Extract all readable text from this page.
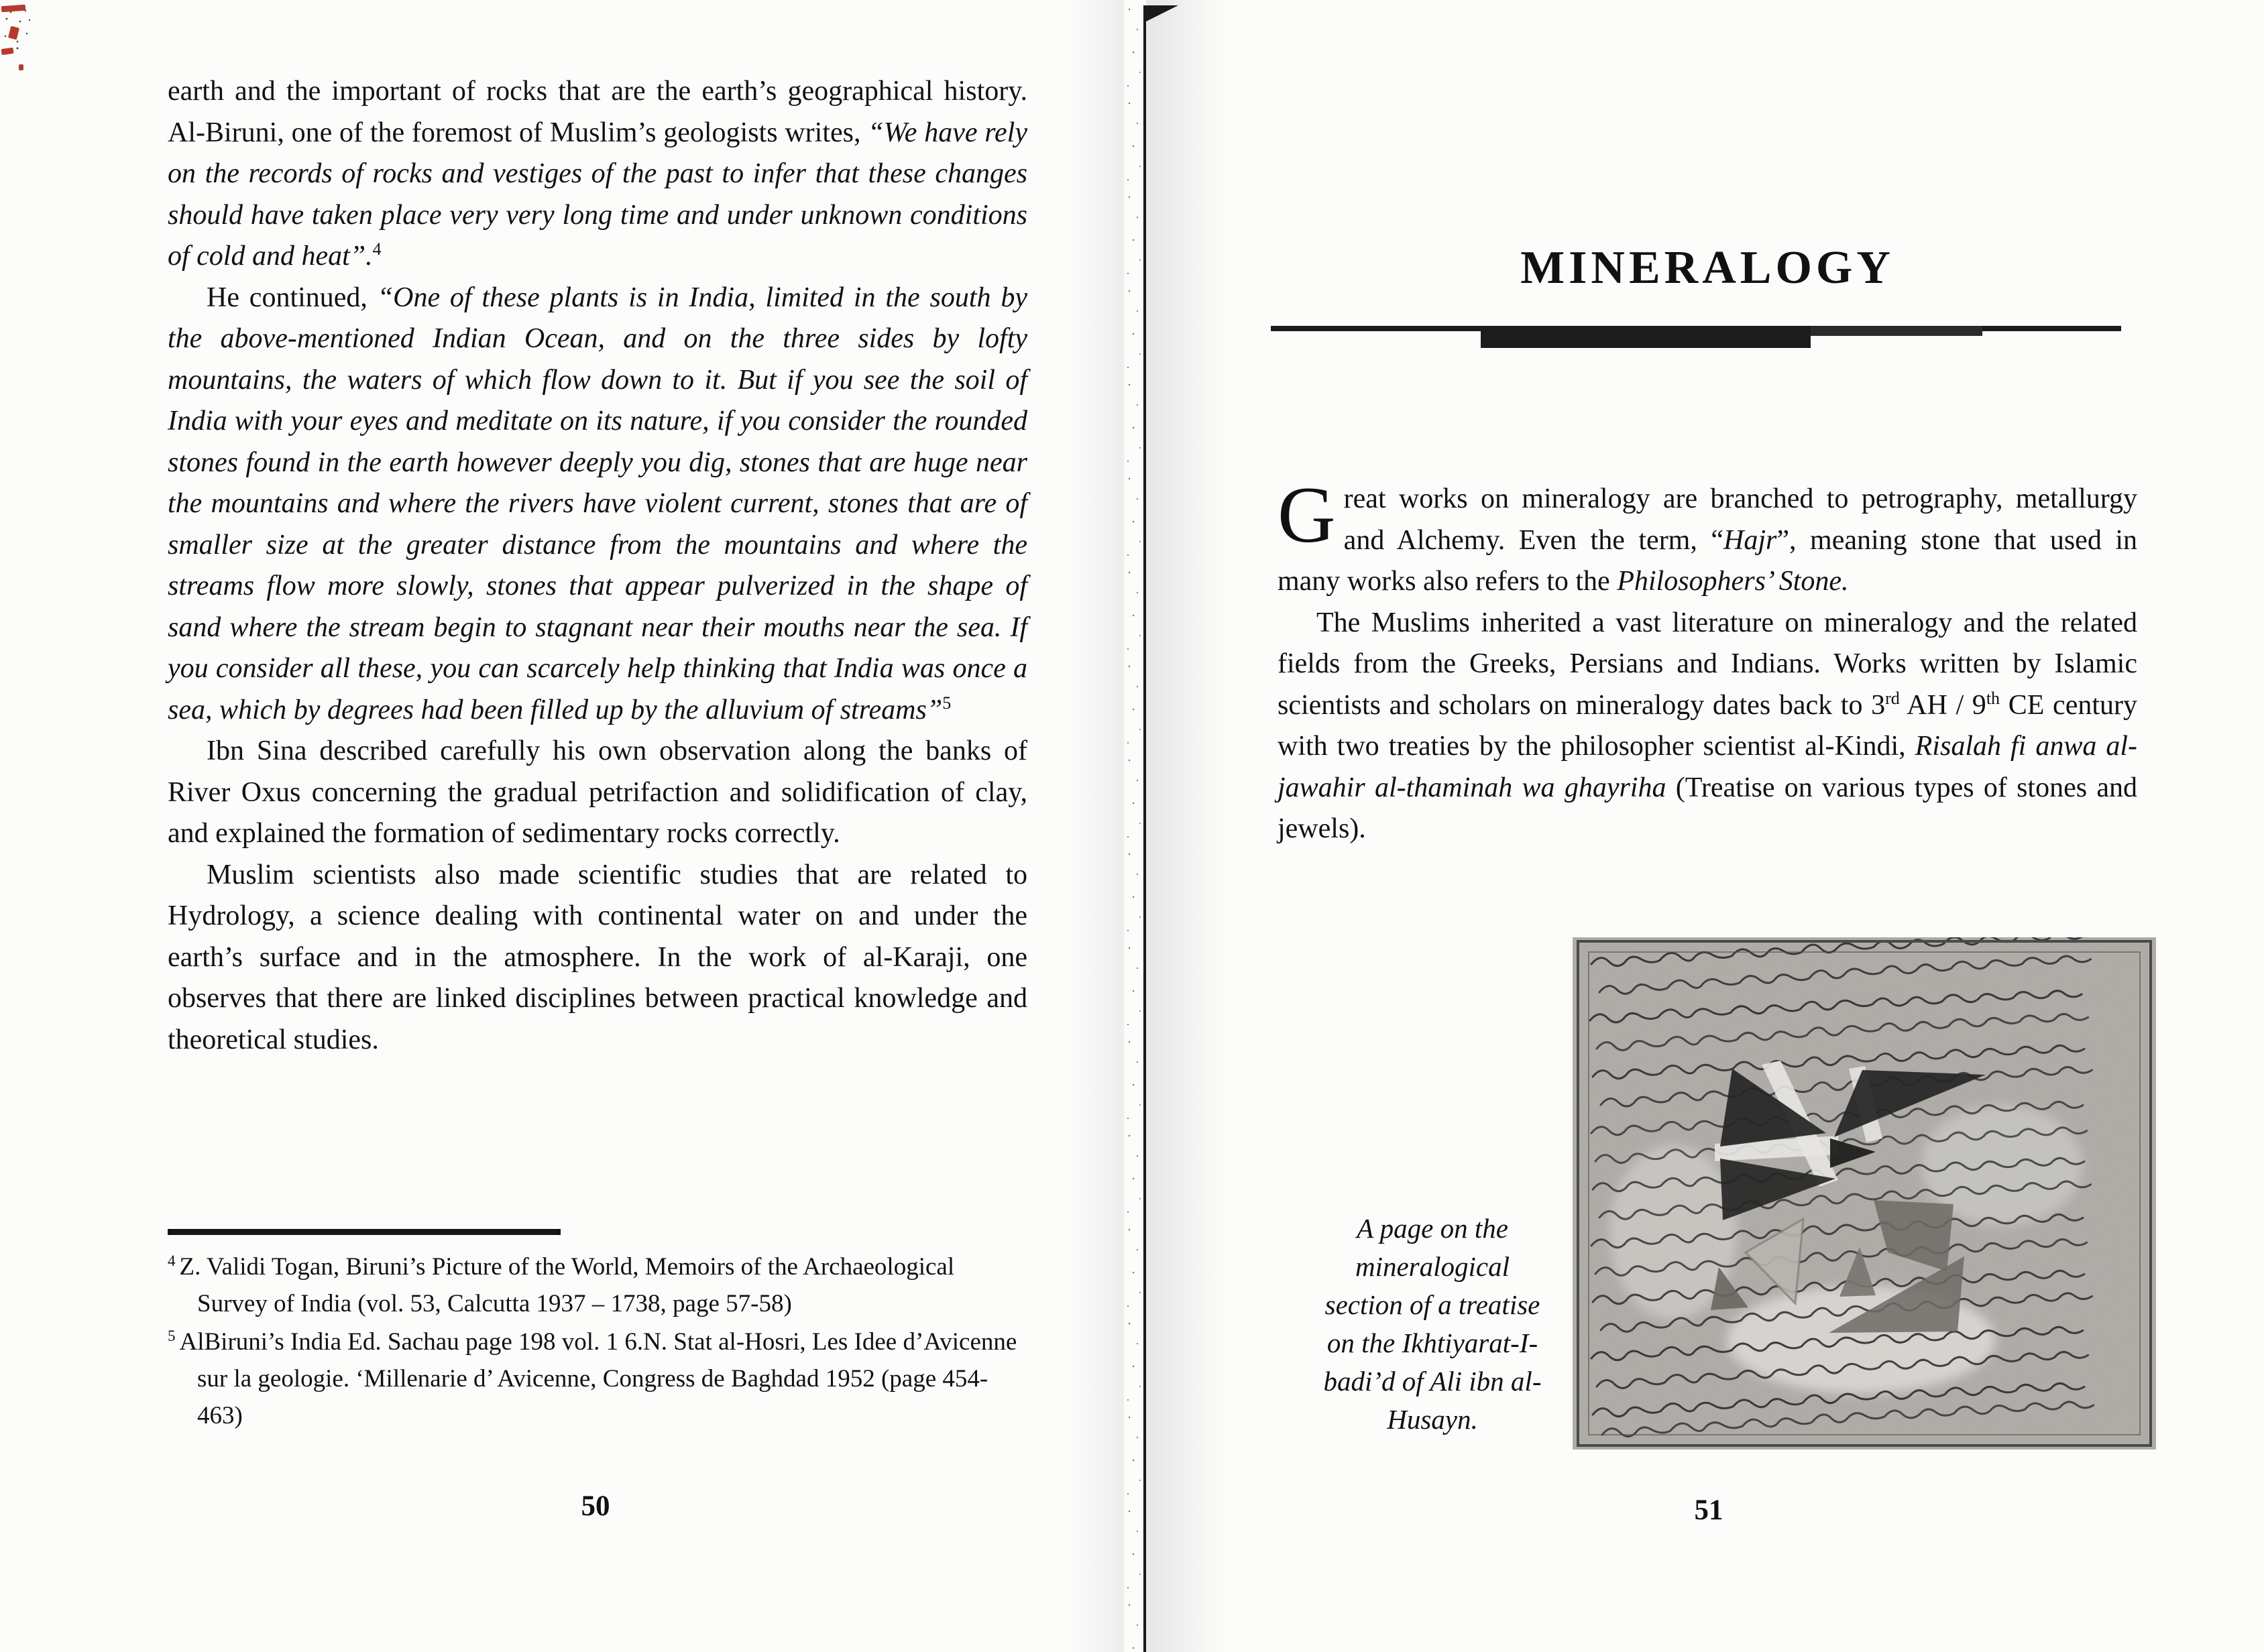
earth and the important of rocks that are the earth’s geographical history. Al-Biruni, one of the foremost of Muslim’s geologists writes, “We have rely on the records of rocks and vestiges of the past to infer that these changes should have taken place very very long time and under unknown conditions of cold and heat”.$^4$

He continued, “One of these plants is in India, limited in the south by the above-mentioned Indian Ocean, and on the three sides by lofty mountains, the waters of which flow down to it. But if you see the soil of India with your eyes and meditate on its nature, if you consider the rounded stones found in the earth however deeply you dig, stones that are huge near the mountains and where the rivers have violent current, stones that are of smaller size at the greater distance from the mountains and where the streams flow more slowly, stones that appear pulverized in the shape of sand where the stream begin to stagnant near their mouths near the sea. If you consider all these, you can scarcely help thinking that India was once a sea, which by degrees had been filled up by the alluvium of streams”$^5$

Ibn Sina described carefully his own observation along the banks of River Oxus concerning the gradual petrifaction and solidification of clay, and explained the formation of sedimentary rocks correctly.

Muslim scientists also made scientific studies that are related to Hydrology, a science dealing with continental water on and under the earth’s surface and in the atmosphere. In the work of al-Karaji, one observes that there are linked disciplines between practical knowledge and theoretical studies.

$^4$ Z. Validi Togan, Biruni’s Picture of the World, Memoirs of the Archaeological Survey of India (vol. 53, Calcutta 1937 – 1738, page 57-58)
$^5$ AlBiruni’s India Ed. Sachau page 198 vol. 1 6.N. Stat al-Hosri, Les Idee d’Avicenne sur la geologie. ‘Millenarie d’ Avicenne, Congress de Baghdad 1952 (page 454-463)
50
MINERALOGY

Great works on mineralogy are branched to petrography, metallurgy and Alchemy. Even the term, “Hajr”, meaning stone that used in many works also refers to the Philosophers’ Stone.

The Muslims inherited a vast literature on mineralogy and the related fields from the Greeks, Persians and Indians. Works written by Islamic scientists and scholars on mineralogy dates back to 3rd AH / 9th CE century with two treaties by the philosopher scientist al-Kindi, Risalah fi anwa al-jawahir al-thaminah wa ghayriha (Treatise on various types of stones and jewels).

A page on the
mineralogical
section of a treatise
on the Ikhtiyarat-I-
badi’d of Ali ibn al-
Husayn.
51
